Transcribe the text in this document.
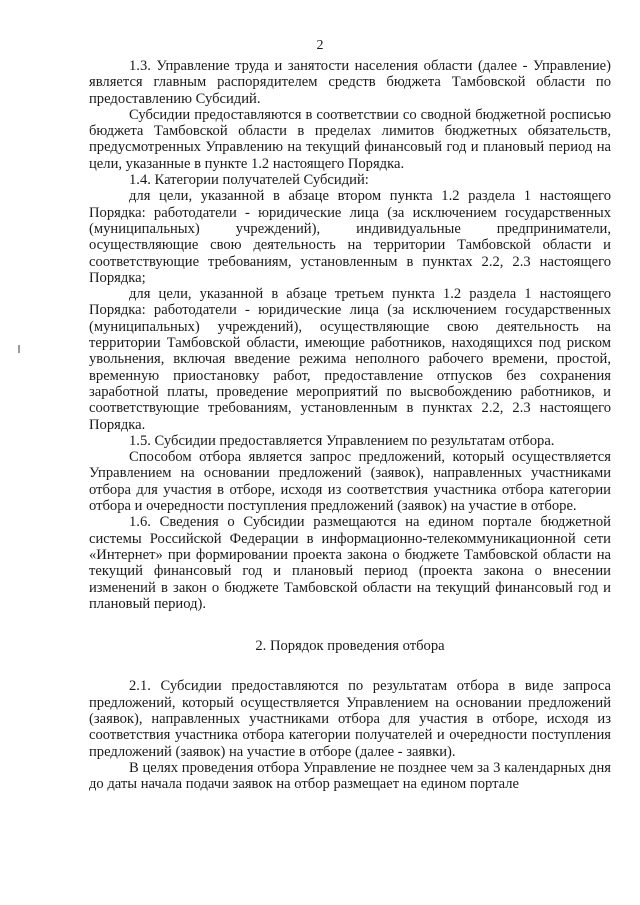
2

1.3. Управление труда и занятости населения области (далее - Управление) является главным распорядителем средств бюджета Тамбовской области по предоставлению Субсидий.

Субсидии предоставляются в соответствии со сводной бюджетной росписью бюджета Тамбовской области в пределах лимитов бюджетных обязательств, предусмотренных Управлению на текущий финансовый год и плановый период на цели, указанные в пункте 1.2 настоящего Порядка.

1.4. Категории получателей Субсидий:

для цели, указанной в абзаце втором пункта 1.2 раздела 1 настоящего Порядка: работодатели - юридические лица (за исключением государственных (муниципальных) учреждений), индивидуальные предприниматели, осуществляющие свою деятельность на территории Тамбовской области и соответствующие требованиям, установленным в пунктах 2.2, 2.3 настоящего Порядка;

для цели, указанной в абзаце третьем пункта 1.2 раздела 1 настоящего Порядка: работодатели - юридические лица (за исключением государственных (муниципальных) учреждений), осуществляющие свою деятельность на территории Тамбовской области, имеющие работников, находящихся под риском увольнения, включая введение режима неполного рабочего времени, простой, временную приостановку работ, предоставление отпусков без сохранения заработной платы, проведение мероприятий по высвобождению работников, и соответствующие требованиям, установленным в пунктах 2.2, 2.3 настоящего Порядка.

1.5. Субсидии предоставляется Управлением по результатам отбора.

Способом отбора является запрос предложений, который осуществляется Управлением на основании предложений (заявок), направленных участниками отбора для участия в отборе, исходя из соответствия участника отбора категории отбора и очередности поступления предложений (заявок) на участие в отборе.

1.6. Сведения о Субсидии размещаются на едином портале бюджетной системы Российской Федерации в информационно-телекоммуникационной сети «Интернет» при формировании проекта закона о бюджете Тамбовской области на текущий финансовый год и плановый период (проекта закона о внесении изменений в закон о бюджете Тамбовской области на текущий финансовый год и плановый период).

2. Порядок проведения отбора

2.1. Субсидии предоставляются по результатам отбора в виде запроса предложений, который осуществляется Управлением на основании предложений (заявок), направленных участниками отбора для участия в отборе, исходя из соответствия участника отбора категории получателей и очередности поступления предложений (заявок) на участие в отборе (далее - заявки).

В целях проведения отбора Управление не позднее чем за 3 календарных дня до даты начала подачи заявок на отбор размещает на едином портале
